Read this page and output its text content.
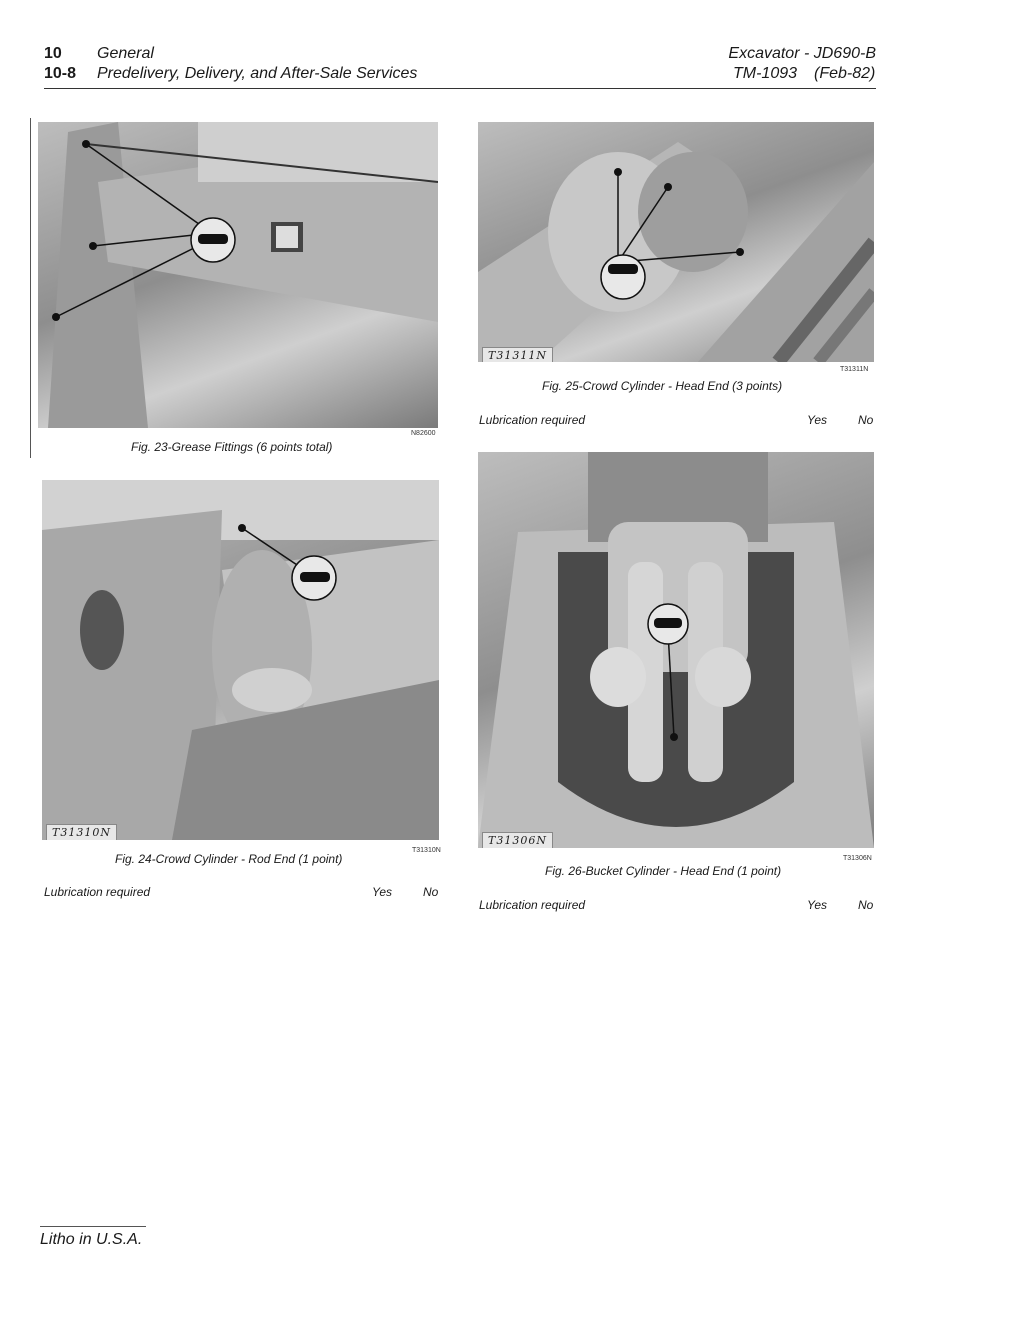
10 General
10-8 Predelivery, Delivery, and After-Sale Services
Excavator - JD690-B
TM-1093 (Feb-82)
N82600
Fig. 23-Grease Fittings (6 points total)
T31310N
T31310N
Fig. 24-Crowd Cylinder - Rod End (1 point)
Lubrication required	Yes	No
T31311N
T31311N
Fig. 25-Crowd Cylinder - Head End (3 points)
Lubrication required	Yes	No
T31306N
T31306N
Fig. 26-Bucket Cylinder - Head End (1 point)
Lubrication required	Yes	No
Litho in U.S.A.
